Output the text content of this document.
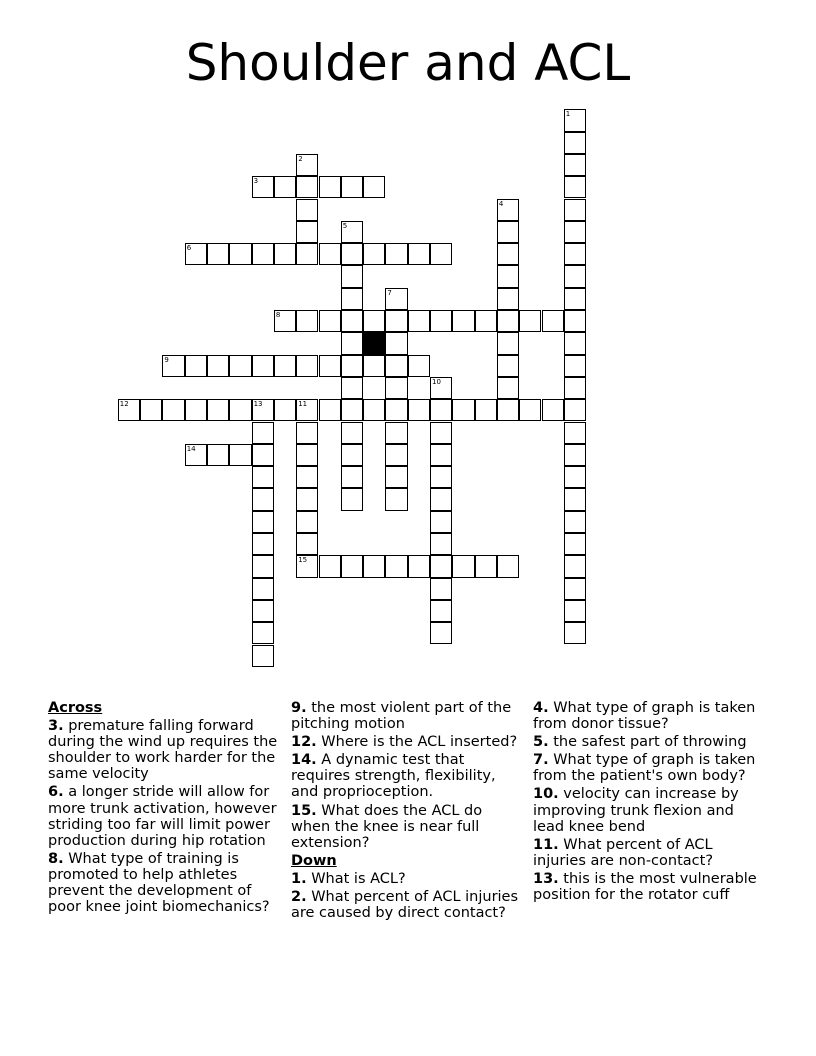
Shoulder and ACL
3
6
8
9
12	13	11
14
15
1
2
4
5
7
10
Across
3. premature falling forward during the wind up requires the shoulder to work harder for the same velocity
6. a longer stride will allow for more trunk activation, however striding too far will limit power production during hip rotation
8. What type of training is promoted to help athletes prevent the development of poor knee joint biomechanics?
9. the most violent part of the pitching motion
12. Where is the ACL inserted?
14. A dynamic test that requires strength, flexibility, and proprioception.
15. What does the ACL do when the knee is near full extension?
Down
1. What is ACL?
2. What percent of ACL injuries are caused by direct contact?
4. What type of graph is taken from donor tissue?
5. the safest part of throwing
7. What type of graph is taken from the patient's own body?
10. velocity can increase by improving trunk flexion and lead knee bend
11. What percent of ACL injuries are non-contact?
13. this is the most vulnerable position for the rotator cuff
